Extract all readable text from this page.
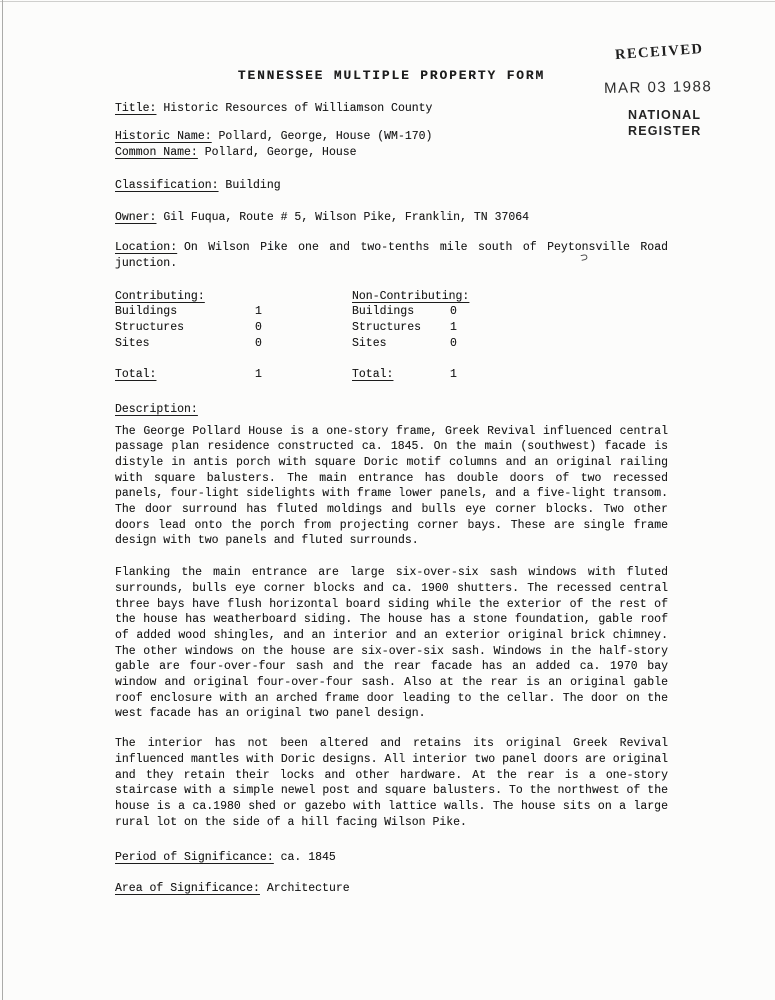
RECEIVED
MAR 03 1988
NATIONAL
REGISTER
⊃
TENNESSEE MULTIPLE PROPERTY FORM

Title: Historic Resources of Williamson County

Historic Name: Pollard, George, House (WM-170)

Common Name: Pollard, George, House

Classification: Building

Owner: Gil Fuqua, Route # 5, Wilson Pike, Franklin, TN 37064

Location: On Wilson Pike one and two-tenths mile south of Peytonsville Road junction.

Contributing:

Buildings	1
Structures	0
Sites	0
Total:	1

Non-Contributing:

Buildings	0
Structures	1
Sites	0
Total:	1

Description:

The George Pollard House is a one-story frame, Greek Revival influenced central passage plan residence constructed ca. 1845. On the main (southwest) facade is distyle in antis porch with square Doric motif columns and an original railing with square balusters. The main entrance has double doors of two recessed panels, four-light sidelights with frame lower panels, and a five-light transom. The door surround has fluted moldings and bulls eye corner blocks. Two other doors lead onto the porch from projecting corner bays. These are single frame design with two panels and fluted surrounds.

Flanking the main entrance are large six-over-six sash windows with fluted surrounds, bulls eye corner blocks and ca. 1900 shutters. The recessed central three bays have flush horizontal board siding while the exterior of the rest of the house has weatherboard siding. The house has a stone foundation, gable roof of added wood shingles, and an interior and an exterior original brick chimney. The other windows on the house are six-over-six sash. Windows in the half-story gable are four-over-four sash and the rear facade has an added ca. 1970 bay window and original four-over-four sash. Also at the rear is an original gable roof enclosure with an arched frame door leading to the cellar. The door on the west facade has an original two panel design.

The interior has not been altered and retains its original Greek Revival influenced mantles with Doric designs. All interior two panel doors are original and they retain their locks and other hardware. At the rear is a one-story staircase with a simple newel post and square balusters. To the northwest of the house is a ca.1980 shed or gazebo with lattice walls. The house sits on a large rural lot on the side of a hill facing Wilson Pike.

Period of Significance: ca. 1845

Area of Significance: Architecture
